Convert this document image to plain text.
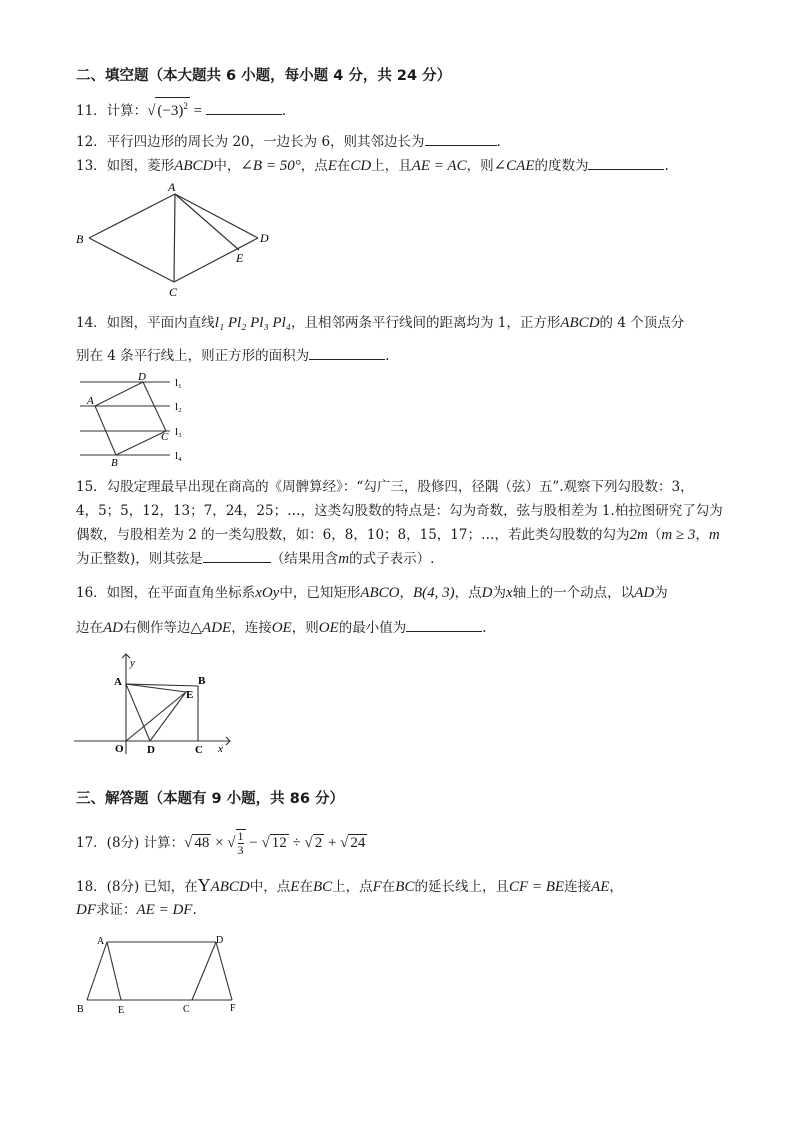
二、填空题（本大题共 6 小题，每小题 4 分，共 24 分）
11．计算：√ $(-3)^2$ =	.
12．平行四边形的周长为 20，一边长为 6，则其邻边长为	.
13．如图，菱形ABCD中，∠B = 50°，点E在CD上，且AE = AC，则∠CAE的度数为	.
A
B
C
D
E
14．如图，平面内直线l₁ Pl₂ Pl₃ Pl₄，且相邻两条平行线间的距离均为 1，正方形ABCD的 4 个顶点分
别在 4 条平行线上，则正方形的面积为	.
D
A
C
B
l₁
l₂
l₃
l₄
15．勾股定理最早出现在商高的《周髀算经》：“勾广三，股修四，径隅（弦）五”.观察下列勾股数：3，
4，5；5，12，13；7，24，25；…，这类勾股数的特点是：勾为奇数，弦与股相差为 1.柏拉图研究了勾为
偶数，与股相差为 2 的一类勾股数，如：6，8，10；8，15，17；…，若此类勾股数的勾为2m（m ≥ 3，m
为正整数)，则其弦是	（结果用含m的式子表示）.
16．如图，在平面直角坐标系xOy中，已知矩形ABCO，B(4, 3)，点D为x轴上的一个动点，以AD为
边在AD右侧作等边△ADE，连接OE，则OE的最小值为	.
y
x
A	B
E
O D	C
三、解答题（本题有 9 小题，共 86 分）
17．(8分) 计算：√ 48 × √ $\frac{1}{3}$ − √ 12 ÷ √ 2 + √ 24
18．(8分) 已知，在YABCD中，点E在BC上，点F在BC的延长线上，且CF = BE连接AE，
DF求证：AE = DF.
A	D
B	E	C	F
